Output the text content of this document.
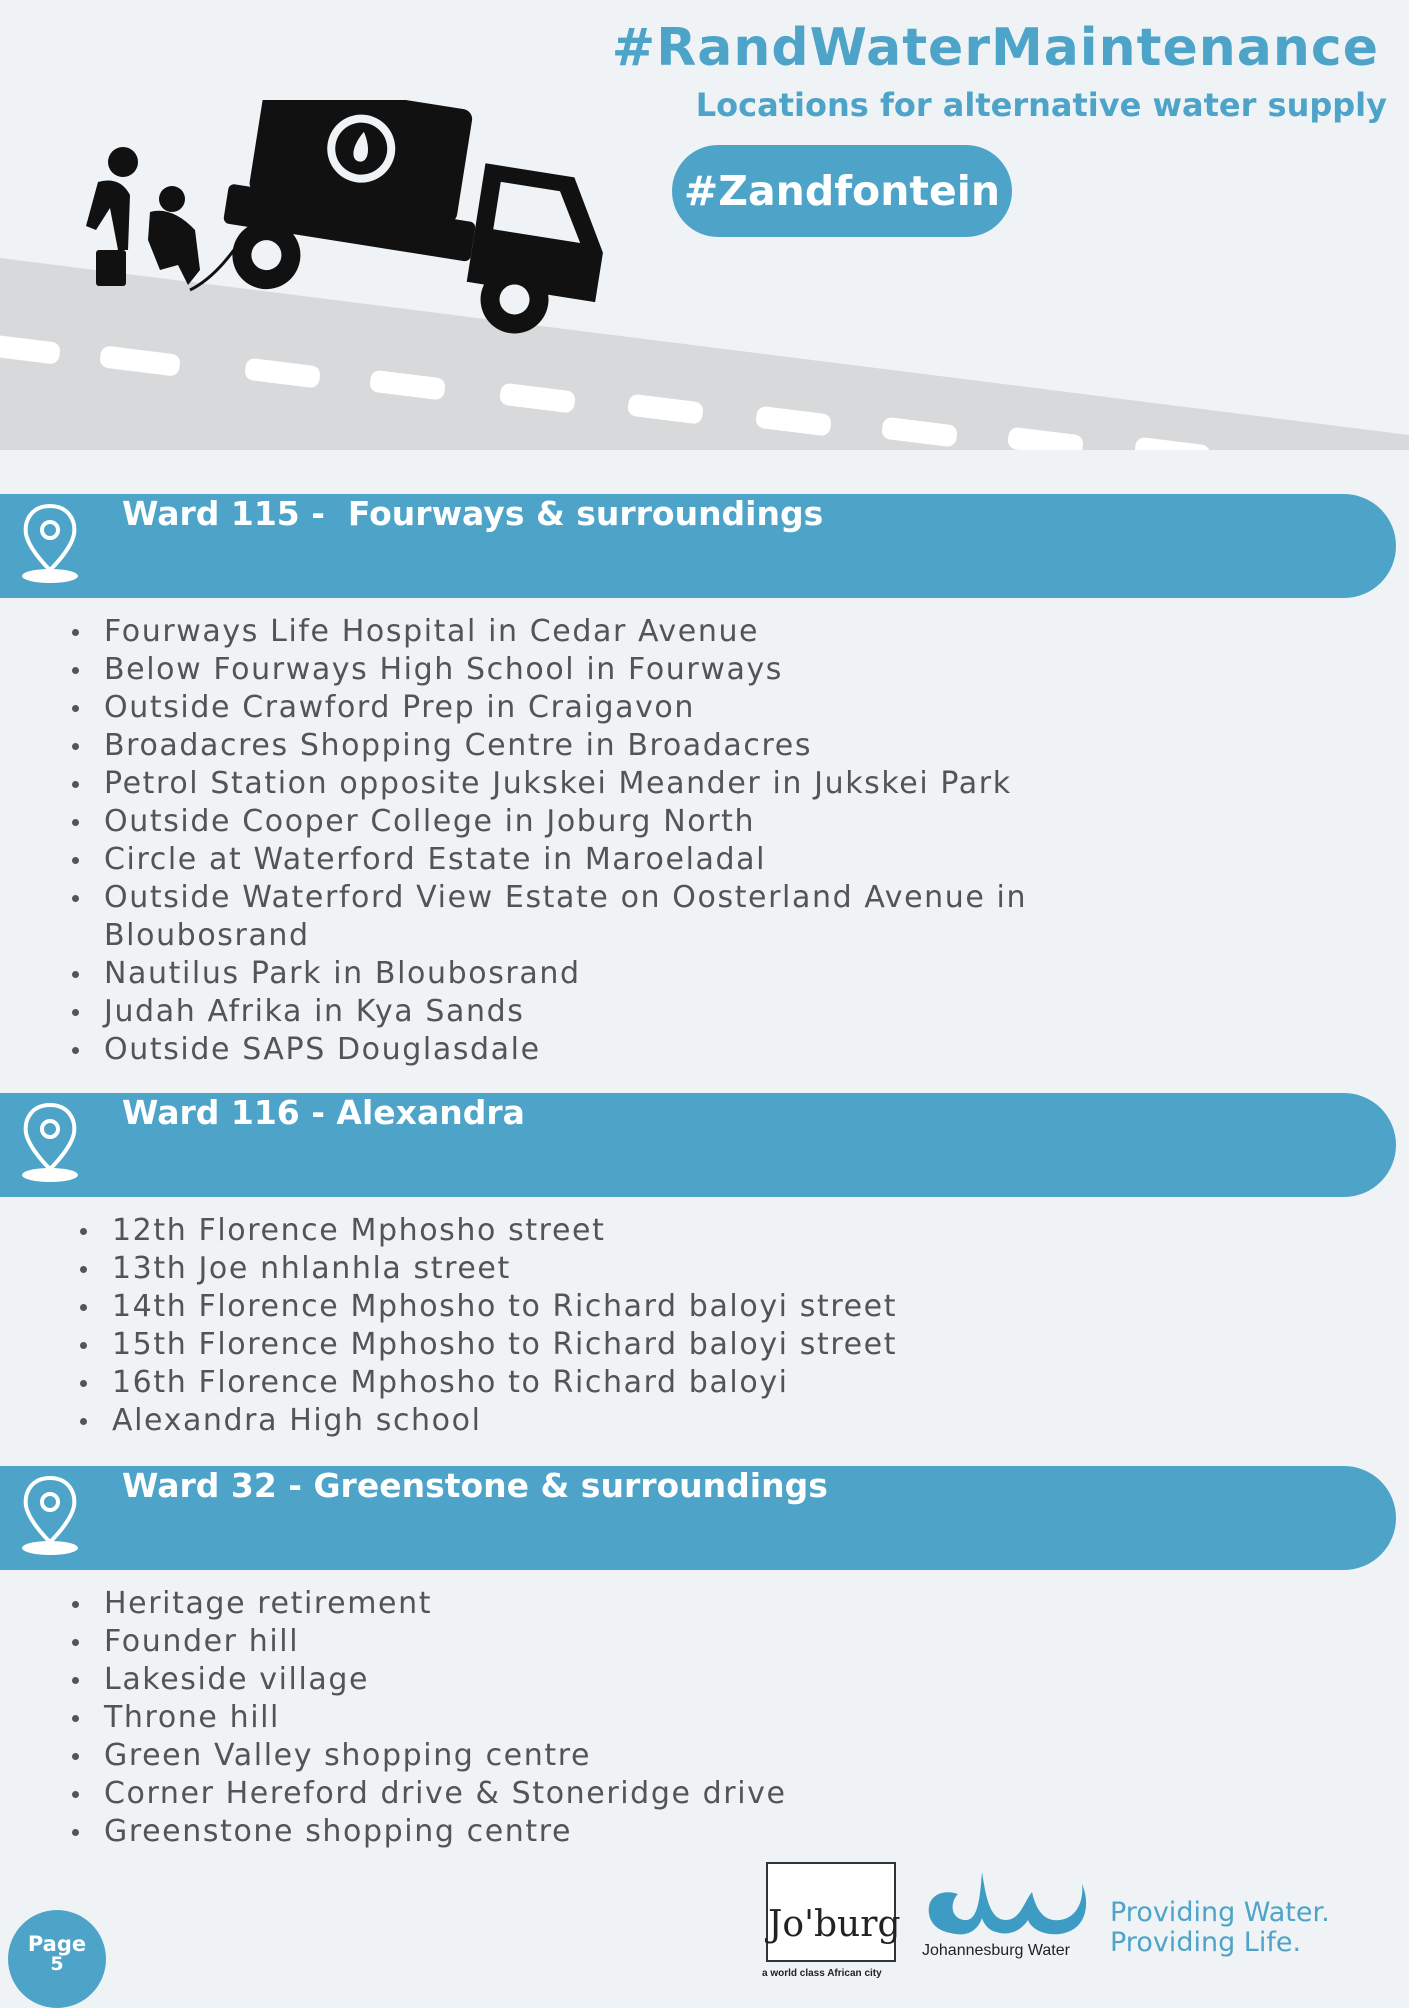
#RandWaterMaintenance
Locations for alternative water supply
#Zandfontein
Ward 115 -  Fourways & surroundings
Fourways Life Hospital in Cedar Avenue
Below Fourways High School in Fourways
Outside Crawford Prep in Craigavon
Broadacres Shopping Centre in Broadacres
Petrol Station opposite Jukskei Meander in Jukskei Park
Outside Cooper College in Joburg North
Circle at Waterford Estate in Maroeladal
Outside Waterford View Estate on Oosterland Avenue in Bloubosrand
Nautilus Park in Bloubosrand
Judah Afrika in Kya Sands
Outside SAPS Douglasdale
Ward 116 - Alexandra
12th Florence Mphosho street
13th Joe nhlanhla street
14th Florence Mphosho to Richard baloyi street
15th Florence Mphosho to Richard baloyi street
16th Florence Mphosho to Richard baloyi
Alexandra High school
Ward 32 - Greenstone & surroundings
Heritage retirement
Founder hill
Lakeside village
Throne hill
Green Valley shopping centre
Corner Hereford drive & Stoneridge drive
Greenstone shopping centre
Page
5
Jo'burg
a world class African city
Johannesburg Water
Providing Water.
Providing Life.
